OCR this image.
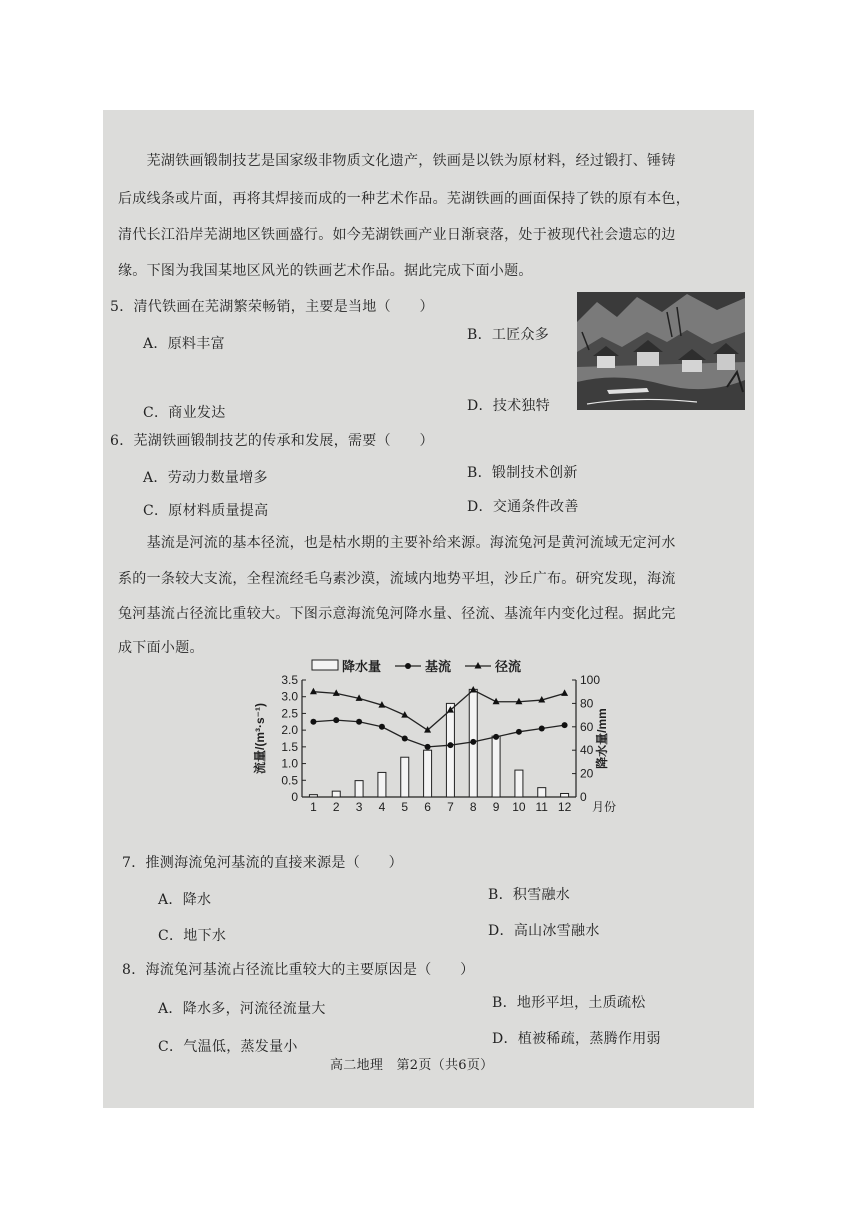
　　芜湖铁画锻制技艺是国家级非物质文化遗产，铁画是以铁为原材料，经过锻打、锤铸
后成线条或片面，再将其焊接而成的一种艺术作品。芜湖铁画的画面保持了铁的原有本色，
清代长江沿岸芜湖地区铁画盛行。如今芜湖铁画产业日渐衰落，处于被现代社会遗忘的边
缘。下图为我国某地区风光的铁画艺术作品。据此完成下面小题。
5．清代铁画在芜湖繁荣畅销，主要是当地（　　）
A．原料丰富
B．工匠众多
C．商业发达	D．技术独特
6．芜湖铁画锻制技艺的传承和发展，需要（　　）
A．劳动力数量增多	B．锻制技术创新
C．原材料质量提高	D．交通条件改善
　　基流是河流的基本径流，也是枯水期的主要补给来源。海流兔河是黄河流域无定河水
系的一条较大支流，全程流经毛乌素沙漠，流域内地势平坦，沙丘广布。研究发现，海流
兔河基流占径流比重较大。下图示意海流兔河降水量、径流、基流年内变化过程。据此完
成下面小题。
降水量	基流	径流
0
0.5
1.0
1.5
2.0
2.5
3.0
3.5
0
20
40
60
80
100
1 2 3 4 5 6 7 8 9 10 11 12 月份
流量/(m³·s⁻¹)	降水量/mm
7．推测海流兔河基流的直接来源是（　　）
A．降水	B．积雪融水
C．地下水	D．高山冰雪融水
8．海流兔河基流占径流比重较大的主要原因是（　　）
A．降水多，河流径流量大	B．地形平坦，土质疏松
C．气温低，蒸发量小	D．植被稀疏，蒸腾作用弱
高二地理　第2页（共6页）
